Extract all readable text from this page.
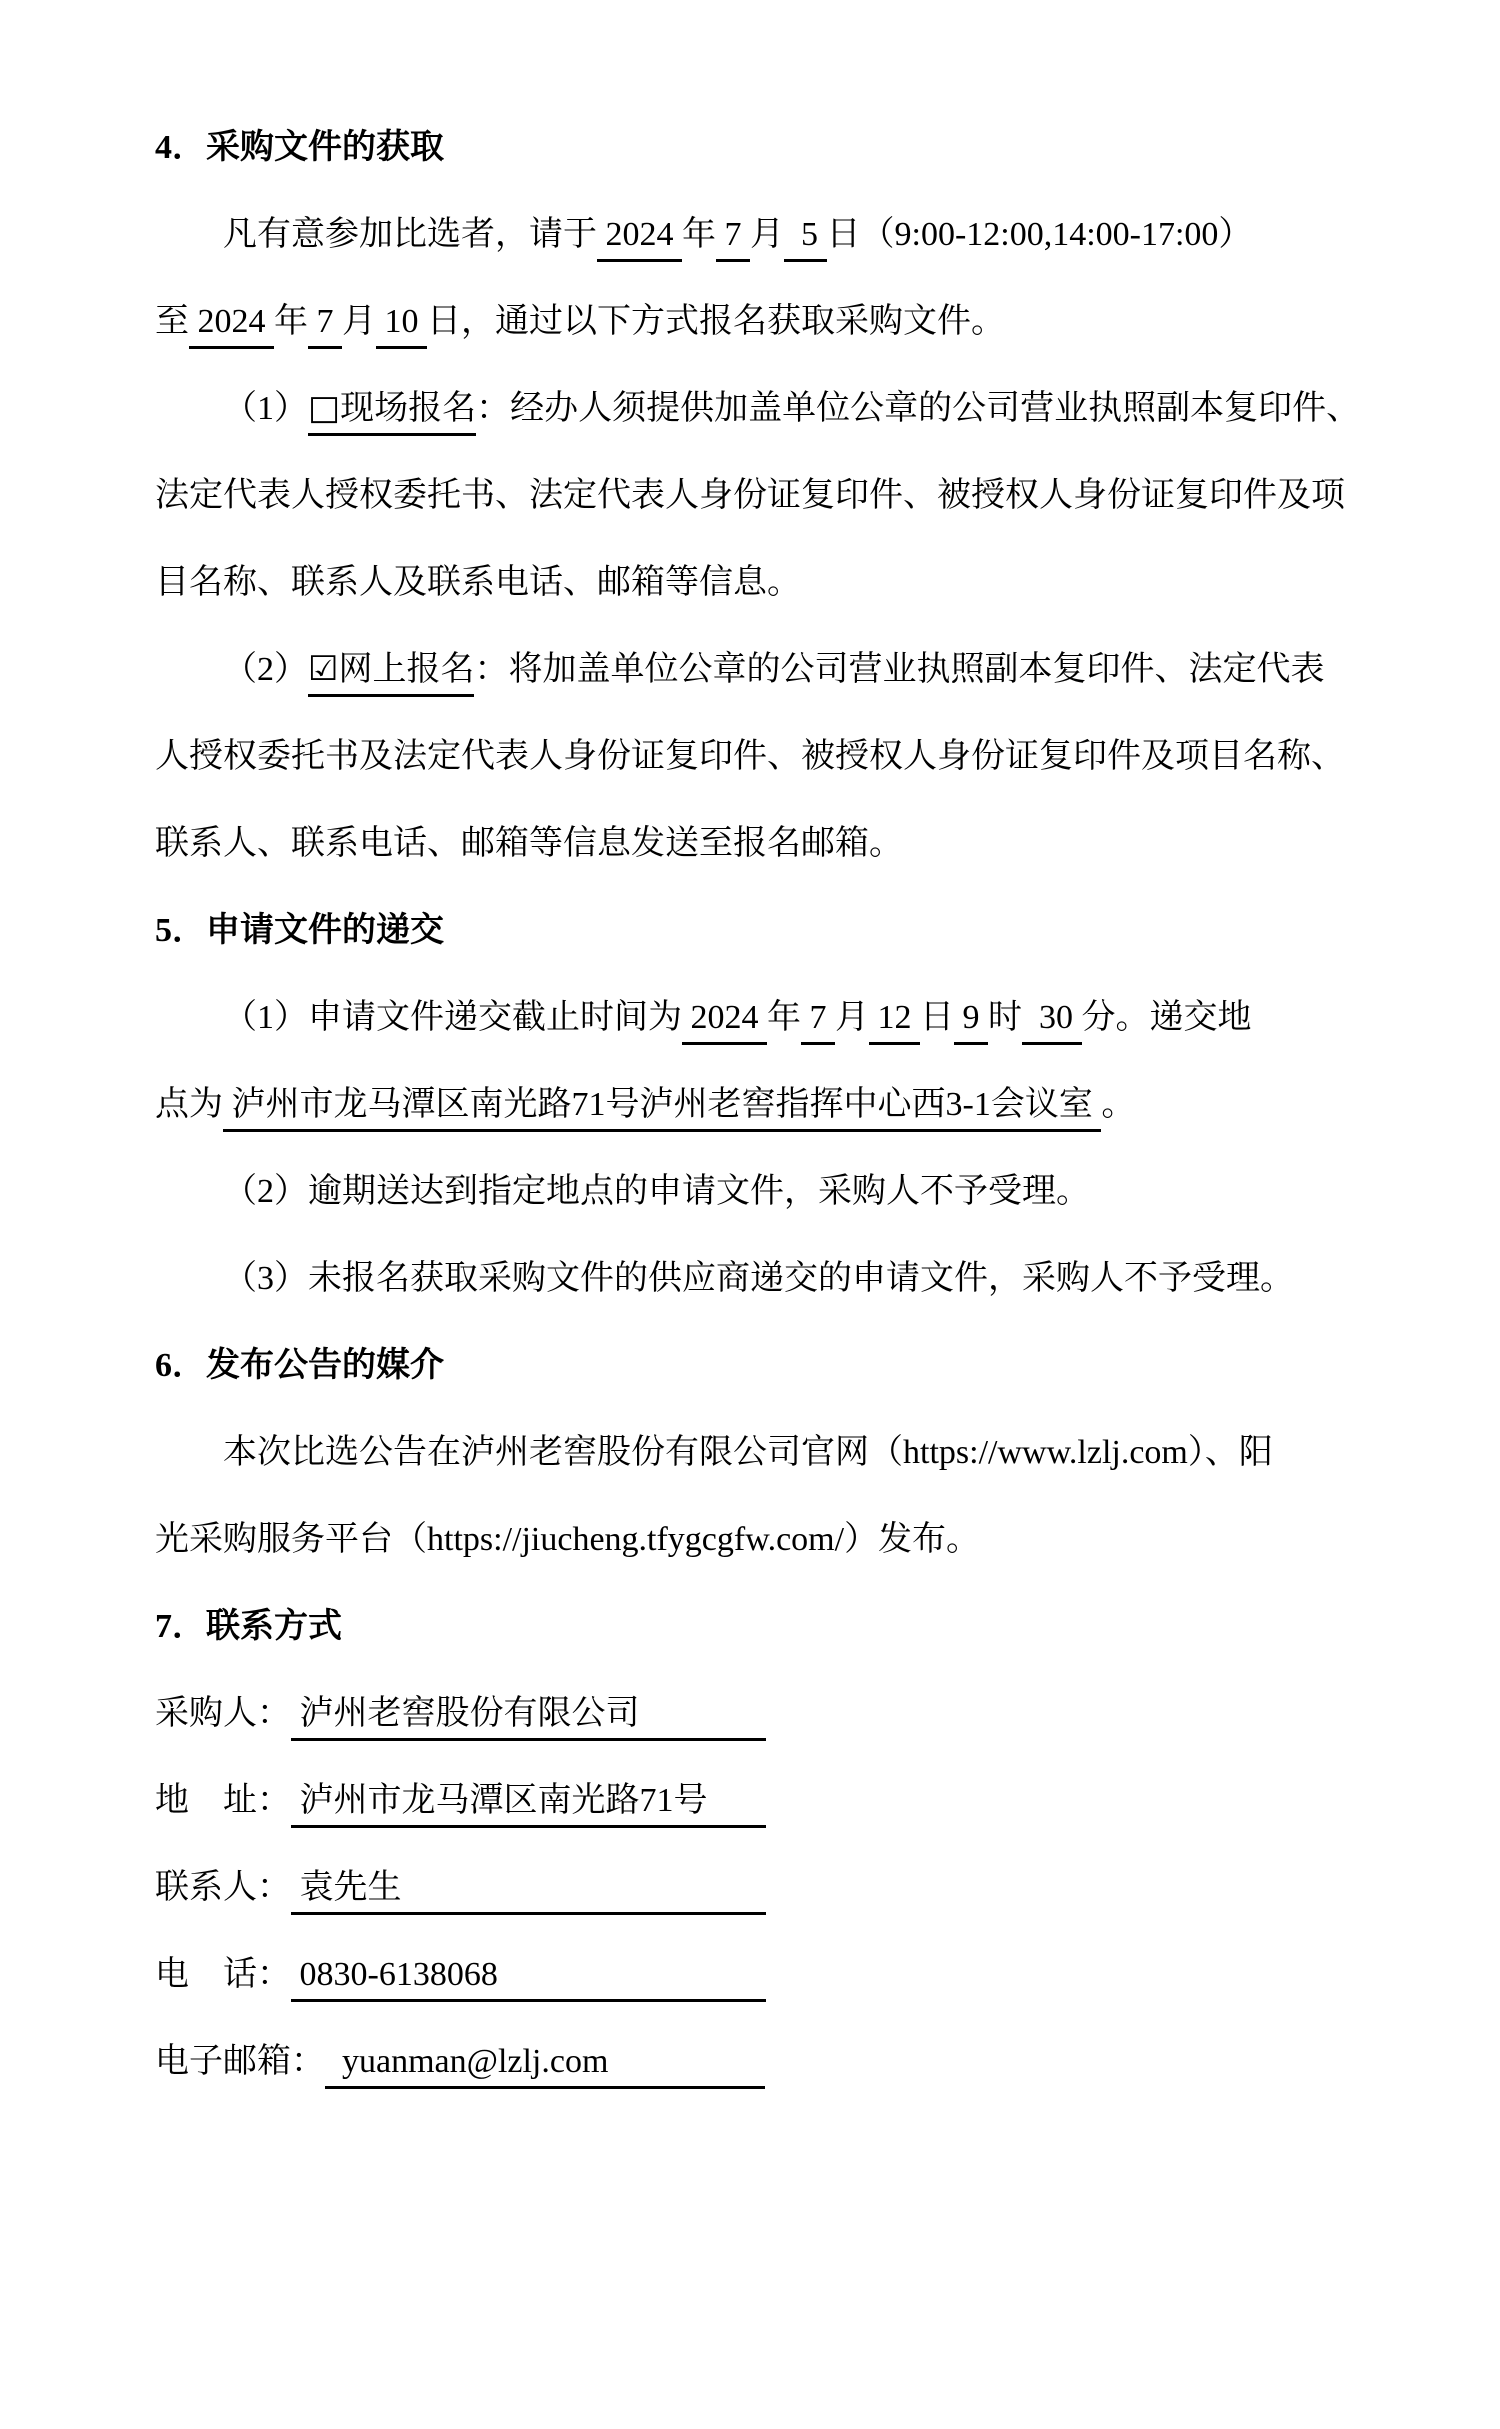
4．采购文件的获取
凡有意参加比选者，请于 2024 年 7 月  5 日（9:00-12:00,14:00-17:00）
至 2024 年 7 月 10 日，通过以下方式报名获取采购文件。
（1）□现场报名：经办人须提供加盖单位公章的公司营业执照副本复印件、
法定代表人授权委托书、法定代表人身份证复印件、被授权人身份证复印件及项
目名称、联系人及联系电话、邮箱等信息。
（2）☑网上报名：将加盖单位公章的公司营业执照副本复印件、法定代表
人授权委托书及法定代表人身份证复印件、被授权人身份证复印件及项目名称、
联系人、联系电话、邮箱等信息发送至报名邮箱。
5．申请文件的递交
（1）申请文件递交截止时间为 2024 年 7 月 12 日 9 时  30 分。递交地
点为 泸州市龙马潭区南光路71号泸州老窖指挥中心西3-1会议室 。
（2）逾期送达到指定地点的申请文件，采购人不予受理。
（3）未报名获取采购文件的供应商递交的申请文件，采购人不予受理。
6．发布公告的媒介
本次比选公告在泸州老窖股份有限公司官网（https://www.lzlj.com）、阳
光采购服务平台（https://jiucheng.tfygcgfw.com/）发布。
7．联系方式
采购人： 泸州老窖股份有限公司
地　址： 泸州市龙马潭区南光路71号
联系人： 袁先生
电　话： 0830-6138068
电子邮箱：  yuanman@lzlj.com
